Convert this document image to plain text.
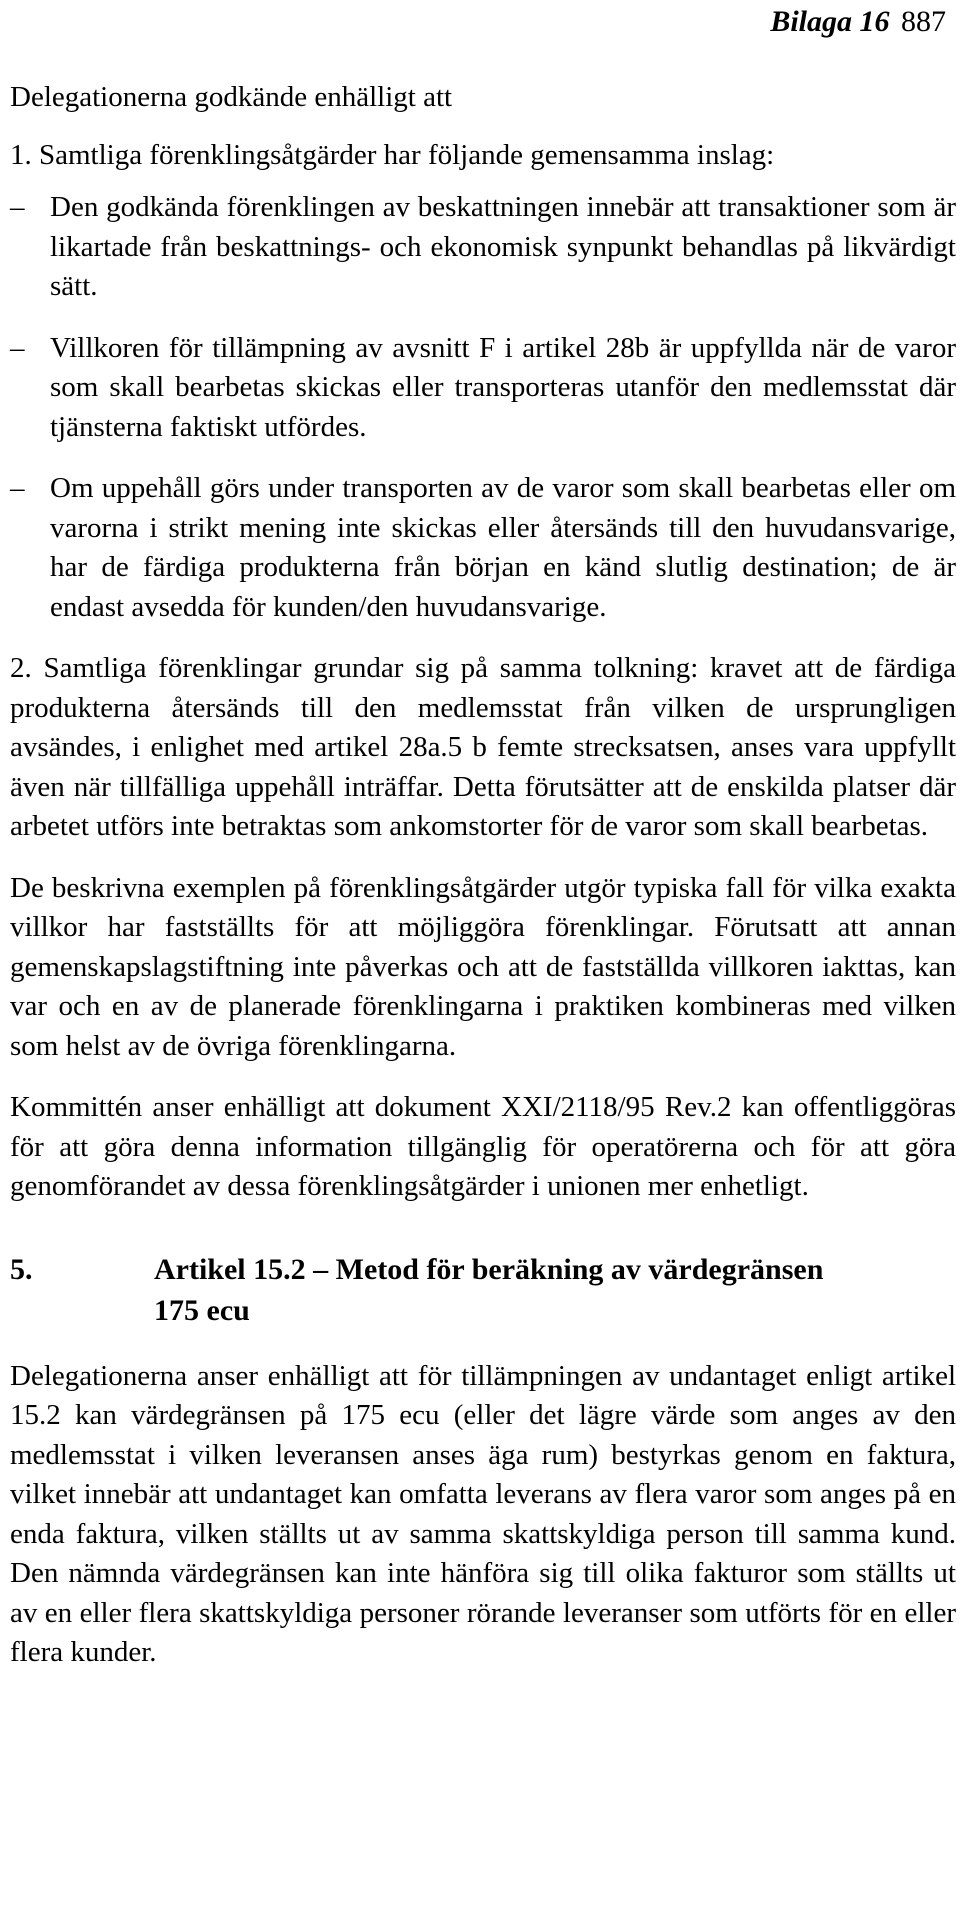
Bilaga 16 887

Delegationerna godkände enhälligt att

1. Samtliga förenklingsåtgärder har följande gemensamma inslag:

– Den godkända förenklingen av beskattningen innebär att transaktioner som är likartade från beskattnings- och ekonomisk synpunkt behandlas på likvärdigt sätt.
– Villkoren för tillämpning av avsnitt F i artikel 28b är uppfyllda när de varor som skall bearbetas skickas eller transporteras utanför den medlemsstat där tjänsterna faktiskt utfördes.
– Om uppehåll görs under transporten av de varor som skall bearbetas eller om varorna i strikt mening inte skickas eller återsänds till den huvudansvarige, har de färdiga produkterna från början en känd slutlig destination; de är endast avsedda för kunden/den huvudansvarige.

2. Samtliga förenklingar grundar sig på samma tolkning: kravet att de färdiga produkterna återsänds till den medlemsstat från vilken de ursprungligen avsändes, i enlighet med artikel 28a.5 b femte strecksatsen, anses vara uppfyllt även när tillfälliga uppehåll inträffar. Detta förutsätter att de enskilda platser där arbetet utförs inte betraktas som ankomstorter för de varor som skall bearbetas.

De beskrivna exemplen på förenklingsåtgärder utgör typiska fall för vilka exakta villkor har fastställts för att möjliggöra förenklingar. Förutsatt att annan gemenskapslagstiftning inte påverkas och att de fastställda villkoren iakttas, kan var och en av de planerade förenklingarna i praktiken kombineras med vilken som helst av de övriga förenklingarna.

Kommittén anser enhälligt att dokument XXI/2118/95 Rev.2 kan offentliggöras för att göra denna information tillgänglig för operatörerna och för att göra genomförandet av dessa förenklingsåtgärder i unionen mer enhetligt.

5.	Artikel 15.2 – Metod för beräkning av värdegränsen 175 ecu

Delegationerna anser enhälligt att för tillämpningen av undantaget enligt artikel 15.2 kan värdegränsen på 175 ecu (eller det lägre värde som anges av den medlemsstat i vilken leveransen anses äga rum) bestyrkas genom en faktura, vilket innebär att undantaget kan omfatta leverans av flera varor som anges på en enda faktura, vilken ställts ut av samma skattskyldiga person till samma kund. Den nämnda värdegränsen kan inte hänföra sig till olika fakturor som ställts ut av en eller flera skattskyldiga personer rörande leveranser som utförts för en eller flera kunder.
